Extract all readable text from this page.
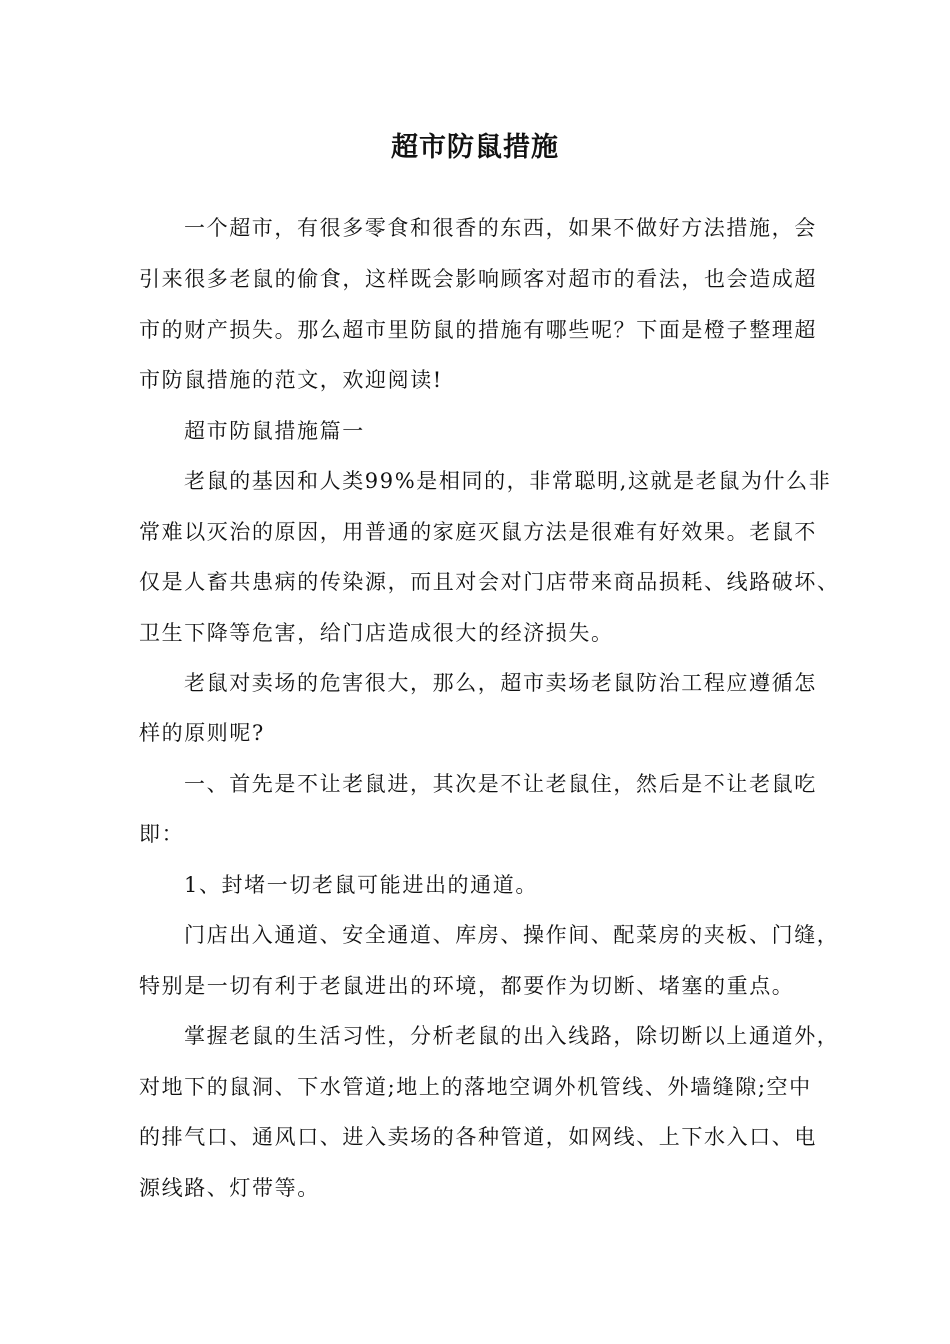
超市防鼠措施
一个超市，有很多零食和很香的东西，如果不做好方法措施，会
引来很多老鼠的偷食，这样既会影响顾客对超市的看法，也会造成超
市的财产损失。那么超市里防鼠的措施有哪些呢？下面是橙子整理超
市防鼠措施的范文，欢迎阅读!
超市防鼠措施篇一
老鼠的基因和人类99%是相同的，非常聪明,这就是老鼠为什么非
常难以灭治的原因，用普通的家庭灭鼠方法是很难有好效果。老鼠不
仅是人畜共患病的传染源，而且对会对门店带来商品损耗、线路破坏、
卫生下降等危害，给门店造成很大的经济损失。
老鼠对卖场的危害很大，那么，超市卖场老鼠防治工程应遵循怎
样的原则呢?
一、首先是不让老鼠进，其次是不让老鼠住，然后是不让老鼠吃
即：
1、封堵一切老鼠可能进出的通道。
门店出入通道、安全通道、库房、操作间、配菜房的夹板、门缝，
特别是一切有利于老鼠进出的环境，都要作为切断、堵塞的重点。
掌握老鼠的生活习性，分析老鼠的出入线路，除切断以上通道外，
对地下的鼠洞、下水管道;地上的落地空调外机管线、外墙缝隙;空中
的排气口、通风口、进入卖场的各种管道，如网线、上下水入口、电
源线路、灯带等。
